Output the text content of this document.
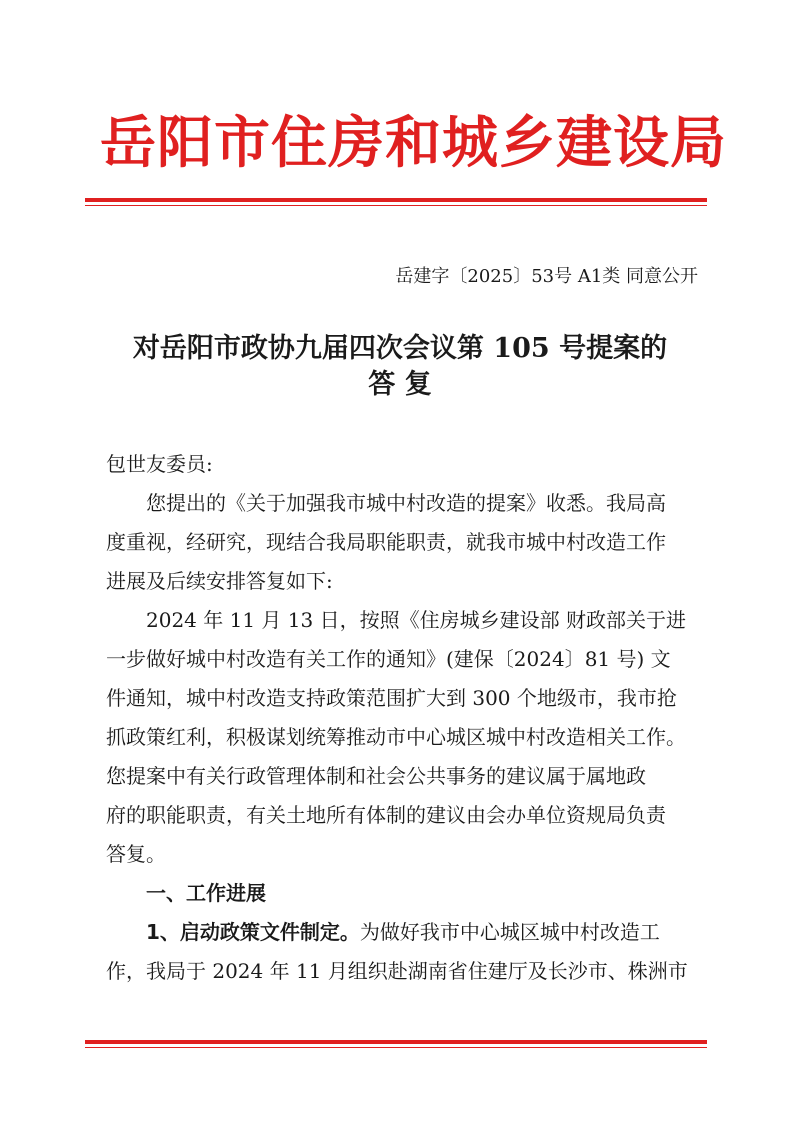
岳阳市住房和城乡建设局
岳建字〔2025〕53号 A1类 同意公开
对岳阳市政协九届四次会议第 105 号提案的
答 复
包世友委员:
　　您提出的《关于加强我市城中村改造的提案》收悉。我局高
度重视，经研究，现结合我局职能职责，就我市城中村改造工作
进展及后续安排答复如下:
　　2024 年 11 月 13 日，按照《住房城乡建设部 财政部关于进
一步做好城中村改造有关工作的通知》(建保〔2024〕81 号) 文
件通知，城中村改造支持政策范围扩大到 300 个地级市，我市抢
抓政策红利，积极谋划统筹推动市中心城区城中村改造相关工作。
您提案中有关行政管理体制和社会公共事务的建议属于属地政
府的职能职责，有关土地所有体制的建议由会办单位资规局负责
答复。
一、工作进展
1、启动政策文件制定。 为做好我市中心城区城中村改造工
作，我局于 2024 年 11 月组织赴湖南省住建厅及长沙市、株洲市
